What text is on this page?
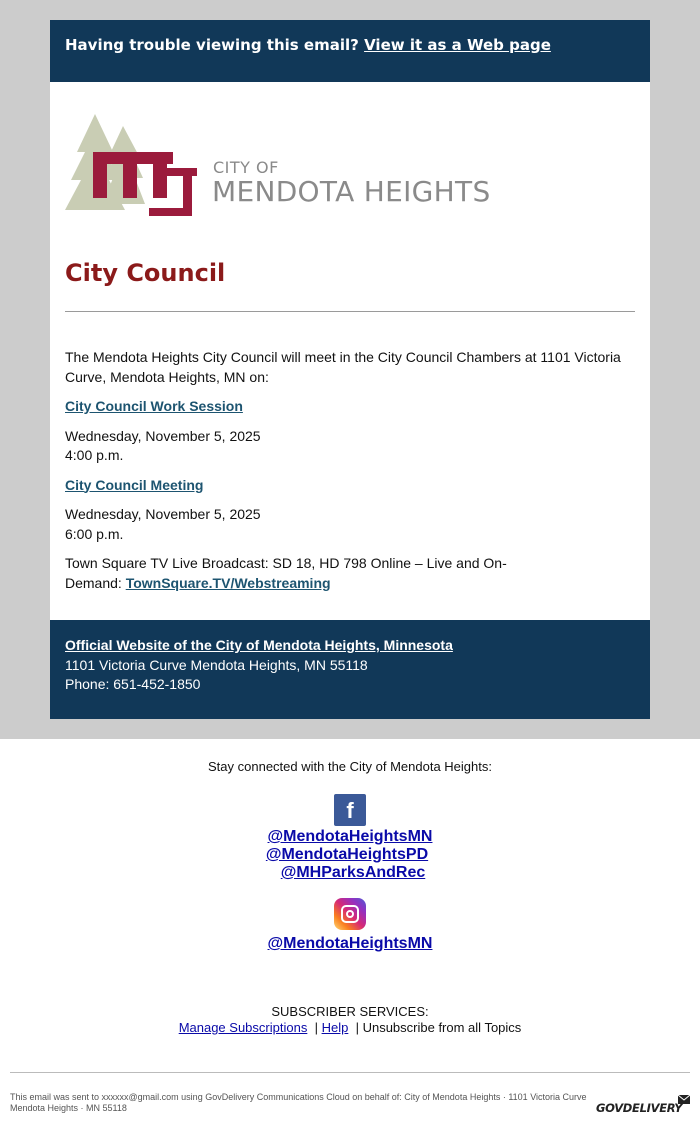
Having trouble viewing this email? View it as a Web page
CITY OF
MENDOTA HEIGHTS
City Council

The Mendota Heights City Council will meet in the City Council Chambers at 1101 Victoria Curve, Mendota Heights, MN on:

City Council Work Session

Wednesday, November 5, 2025

4:00 p.m.

City Council Meeting

Wednesday, November 5, 2025

6:00 p.m.

Town Square TV Live Broadcast: SD 18, HD 798 Online – Live and On-

Demand: TownSquare.TV/Webstreaming

Official Website of the City of Mendota Heights, Minnesota
1101 Victoria Curve Mendota Heights, MN 55118
Phone: 651-452-1850
Stay connected with the City of Mendota Heights:
f
@MendotaHeightsMN
@MendotaHeightsPD
@MHParksAndRec
@MendotaHeightsMN
SUBSCRIBER SERVICES:
Manage Subscriptions | Help | Unsubscribe from all Topics
This email was sent to xxxxxx@gmail.com using GovDelivery Communications Cloud on behalf of: City of Mendota Heights · 1101 Victoria Curve Mendota Heights · MN 55118	GOVDELIVERY
